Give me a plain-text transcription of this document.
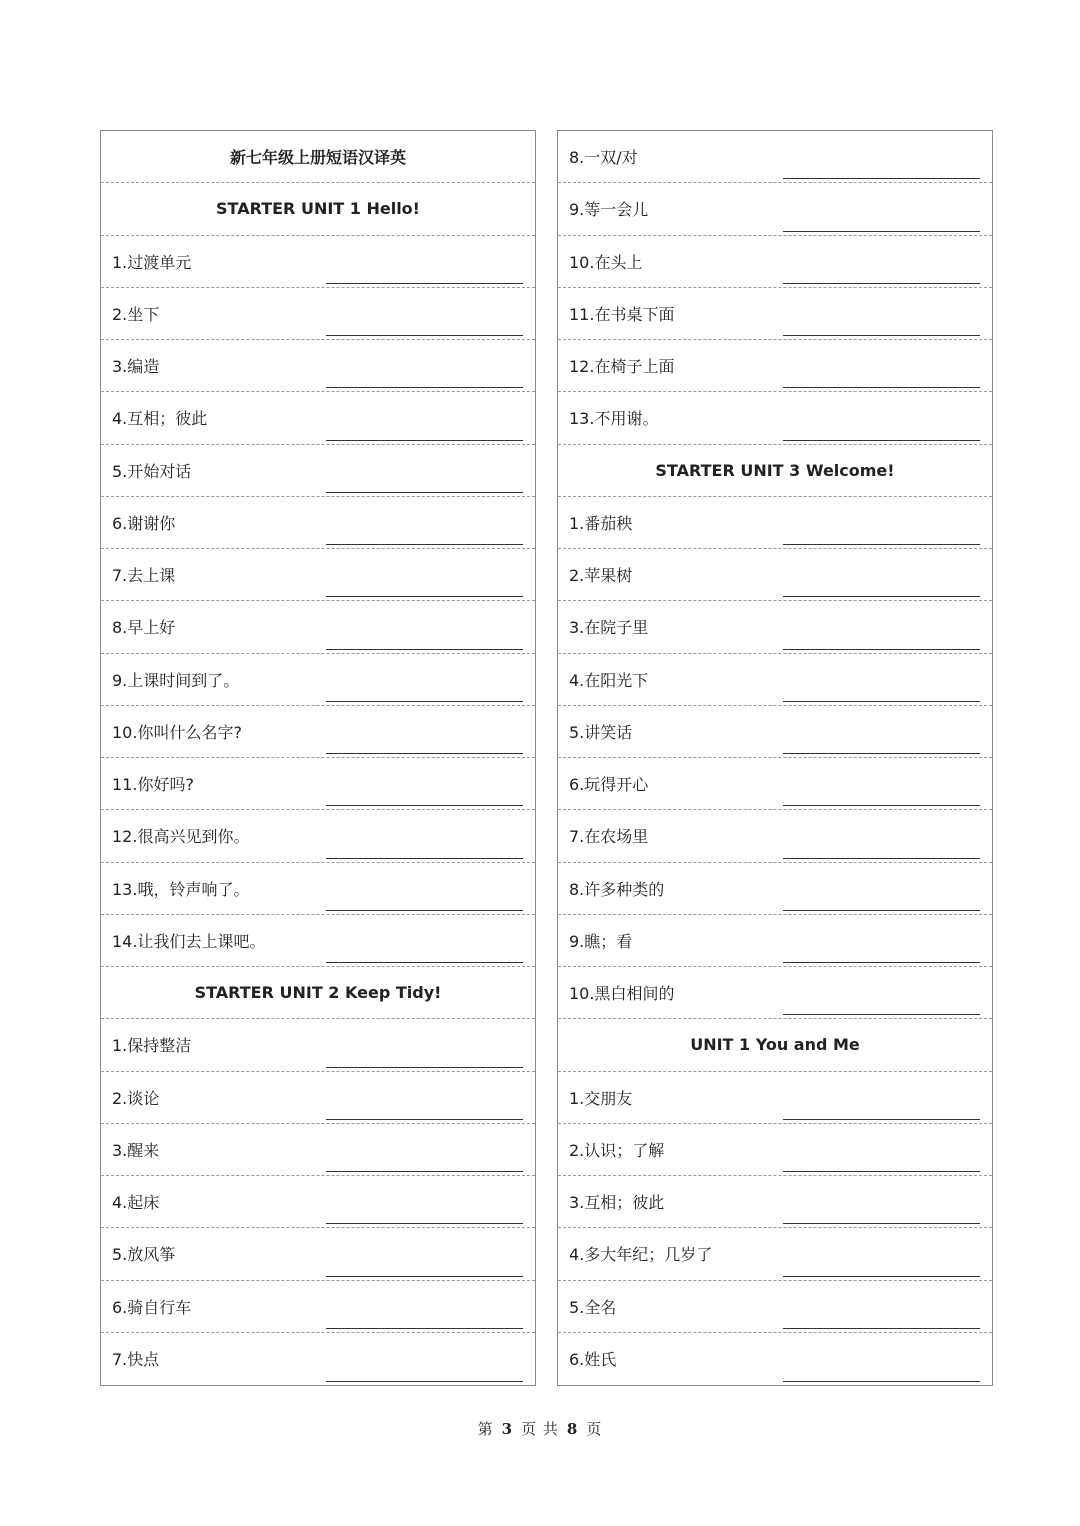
新七年级上册短语汉译英
STARTER UNIT 1 Hello!
1.过渡单元
2.坐下
3.编造
4.互相；彼此
5.开始对话
6.谢谢你
7.去上课
8.早上好
9.上课时间到了。
10.你叫什么名字?
11.你好吗?
12.很高兴见到你。
13.哦，铃声响了。
14.让我们去上课吧。
STARTER UNIT 2 Keep Tidy!
1.保持整洁
2.谈论
3.醒来
4.起床
5.放风筝
6.骑自行车
7.快点
8.一双/对
9.等一会儿
10.在头上
11.在书桌下面
12.在椅子上面
13.不用谢。
STARTER UNIT 3 Welcome!
1.番茄秧
2.苹果树
3.在院子里
4.在阳光下
5.讲笑话
6.玩得开心
7.在农场里
8.许多种类的
9.瞧；看
10.黑白相间的
UNIT 1 You and Me
1.交朋友
2.认识；了解
3.互相；彼此
4.多大年纪；几岁了
5.全名
6.姓氏
第 3 页 共 8 页
